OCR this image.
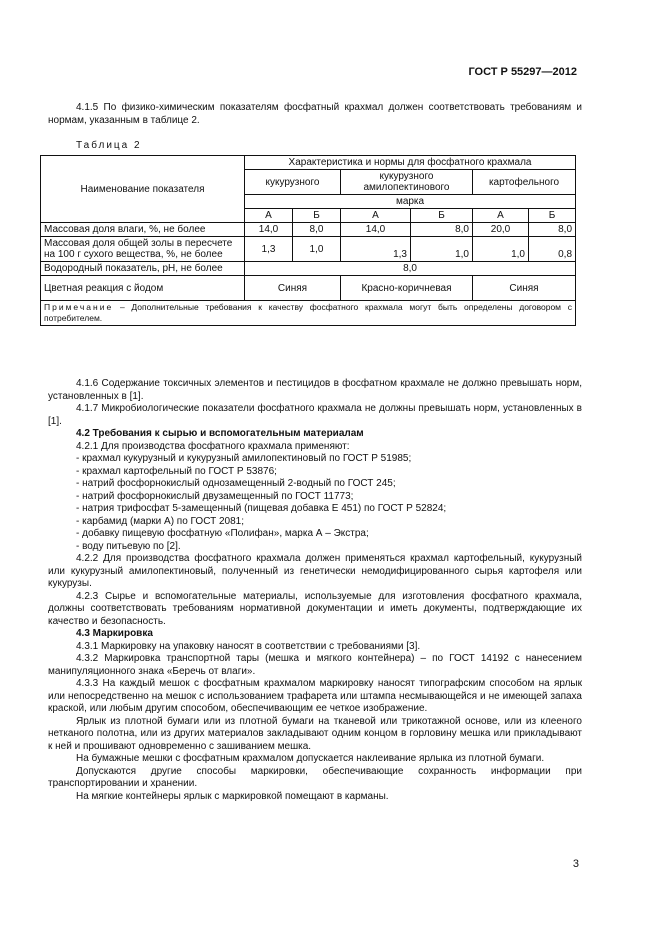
ГОСТ Р 55297—2012

4.1.5 По физико-химическим показателям фосфатный крахмал должен соответствовать требованиям и нормам, указанным в таблице 2.

Таблица 2
Наименование показателя	Характеристика и нормы для фосфатного крахмала					
	кукурузного		кукурузного амилопектинового		картофельного	
	марка					
	А	Б	А	Б	А	Б
Массовая доля влаги, %, не более	14,0	8,0	14,0	8,0	20,0	8,0
Массовая доля общей золы в пересчете на 100 г сухого вещества, %, не более	1,3	1,0	1,3	1,0	1,0	0,8
Водородный показатель, рН, не более	8,0					
Цветная реакция с йодом	Синяя		Красно-коричневая		Синяя	
Примечание – Дополнительные требования к качеству фосфатного крахмала могут быть определены договором с потребителем.						

4.1.6 Содержание токсичных элементов и пестицидов в фосфатном крахмале не должно превышать норм, установленных в [1].

4.1.7 Микробиологические показатели фосфатного крахмала не должны превышать норм, установленных в [1].

4.2 Требования к сырью и вспомогательным материалам

4.2.1 Для производства фосфатного крахмала применяют:

- крахмал кукурузный и кукурузный амилопектиновый по ГОСТ Р 51985;

- крахмал картофельный по ГОСТ Р 53876;

- натрий фосфорнокислый однозамещенный 2-водный по ГОСТ 245;

- натрий фосфорнокислый двузамещенный по ГОСТ 11773;

- натрия трифосфат 5-замещенный (пищевая добавка Е 451) по ГОСТ Р 52824;

- карбамид (марки А) по ГОСТ 2081;

- добавку пищевую фосфатную «Полифан», марка А – Экстра;

- воду питьевую по [2].

4.2.2 Для производства фосфатного крахмала должен применяться крахмал картофельный, кукурузный или кукурузный амилопектиновый, полученный из генетически немодифицированного сырья картофеля или кукурузы.

4.2.3 Сырье и вспомогательные материалы, используемые для изготовления фосфатного крахмала, должны соответствовать требованиям нормативной документации и иметь документы, подтверждающие их качество и безопасность.

4.3 Маркировка

4.3.1 Маркировку на упаковку наносят в соответствии с требованиями [3].

4.3.2 Маркировка транспортной тары (мешка и мягкого контейнера) – по ГОСТ 14192 с нанесением манипуляционного знака «Беречь от влаги».

4.3.3 На каждый мешок с фосфатным крахмалом маркировку наносят типографским способом на ярлык или непосредственно на мешок с использованием трафарета или штампа несмывающейся и не имеющей запаха краской, или любым другим способом, обеспечивающим ее четкое изображение.

Ярлык из плотной бумаги или из плотной бумаги на тканевой или трикотажной основе, или из клееного нетканого полотна, или из других материалов закладывают одним концом в горловину мешка или прикладывают к ней и прошивают одновременно с зашиванием мешка.

На бумажные мешки с фосфатным крахмалом допускается наклеивание ярлыка из плотной бумаги.

Допускаются другие способы маркировки, обеспечивающие сохранность информации при транспортировании и хранении.

На мягкие контейнеры ярлык с маркировкой помещают в карманы.

3
